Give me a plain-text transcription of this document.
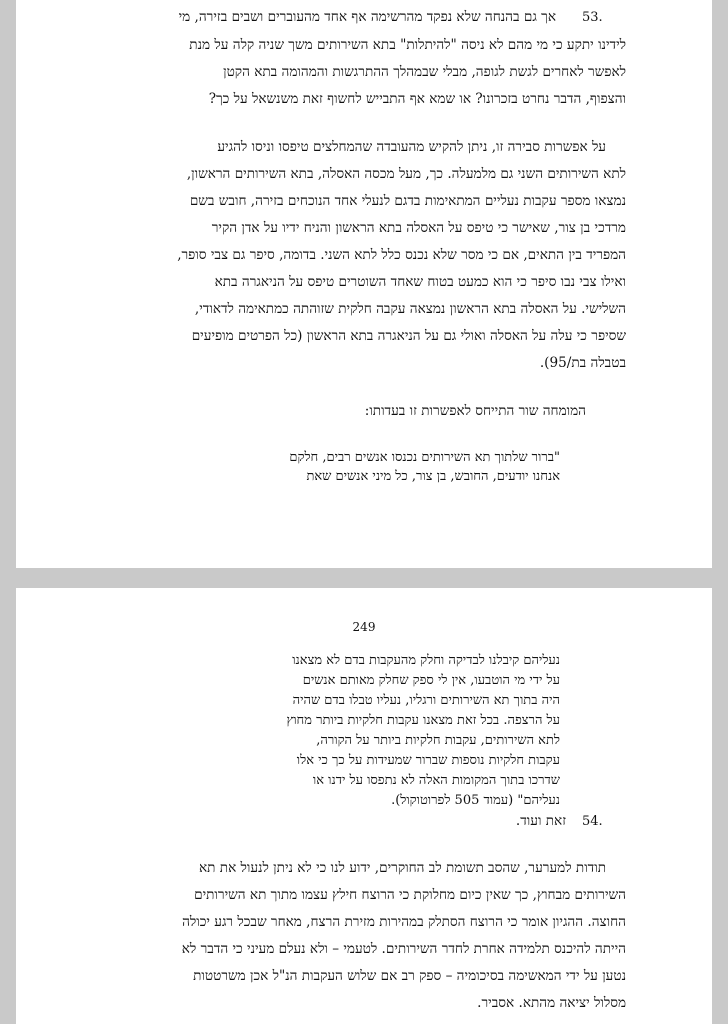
53.
אך גם בהנחה שלא נפקד מהרשימה אף אחד מהעוברים ושבים בזירה, מי
לידינו יתקע כי מי מהם לא ניסה "להיתלות" בתא השירותים משך שניה קלה על מנת
לאפשר לאחרים לגשת לגופה, מבלי שבמהלך ההתרגשות והמהומה בתא הקטן
והצפוף, הדבר נחרט בזכרונו? או שמא אף התבייש לחשוף זאת משנשאל על כך?
על אפשרות סבירה זו, ניתן להקיש מהעובדה שהמחלצים טיפסו וניסו להגיע
לתא השירותים השני גם מלמעלה. כך, מעל מכסה האסלה, בתא השירותים הראשון,
נמצאו מספר עקבות נעליים המתאימות בדגם לנעלי אחד הנוכחים בזירה, חובש בשם
מרדכי בן צור, שאישר כי טיפס על האסלה בתא הראשון והניח ידיו על אדן הקיר
המפריד בין התאים, אם כי מסר שלא נכנס כלל לתא השני. בדומה, סיפר גם צבי סופר,
ואילו צבי נבו סיפר כי הוא כמעט בטוח שאחד השוטרים טיפס על הניאגרה בתא
השלישי. על האסלה בתא הראשון נמצאה עקבה חלקית שזוהתה כמתאימה לדאודי,
שסיפר כי עלה על האסלה ואולי גם על הניאגרה בתא הראשון (כל הפרטים מופיעים
בטבלה בת/95).
המומחה שור התייחס לאפשרות זו בעדותו:
"ברור שלתוך תא השירותים נכנסו אנשים רבים, חלקם
אנחנו יודעים, החובש, בן צור, כל מיני אנשים שאת
249
נעליהם קיבלנו לבדיקה וחלק מהעקבות בדם לא מצאנו
על ידי מי הוטבעו, אין לי ספק שחלק מאותם אנשים
היה בתוך תא השירותים ורגליו, נעליו טבלו בדם שהיה
על הרצפה. בכל זאת מצאנו עקבות חלקיות ביותר מחוץ
לתא השירותים, עקבות חלקיות ביותר על הקורה,
עקבות חלקיות נוספות שברור שמעידות על כך כי אלו
שדרכו בתוך המקומות האלה לא נתפסו על ידנו או
נעליהם" (עמוד 505 לפרוטוקול).
54.
זאת ועוד.
תודות למערער, שהסב תשומת לב החוקרים, ידוע לנו כי לא ניתן לנעול את תא
השירותים מבחוץ, כך שאין כיום מחלוקת כי הרוצח חילץ עצמו מתוך תא השירותים
החוצה. ההגיון אומר כי הרוצח הסתלק במהירות מזירת הרצח, מאחר שבכל רגע יכולה
הייתה להיכנס תלמידה אחרת לחדר השירותים. לטעמי – ולא נעלם מעיני כי הדבר לא
נטען על ידי המאשימה בסיכומיה – ספק רב אם שלוש העקבות הנ"ל אכן משרטטות
מסלול יציאה מהתא. אסביר.
